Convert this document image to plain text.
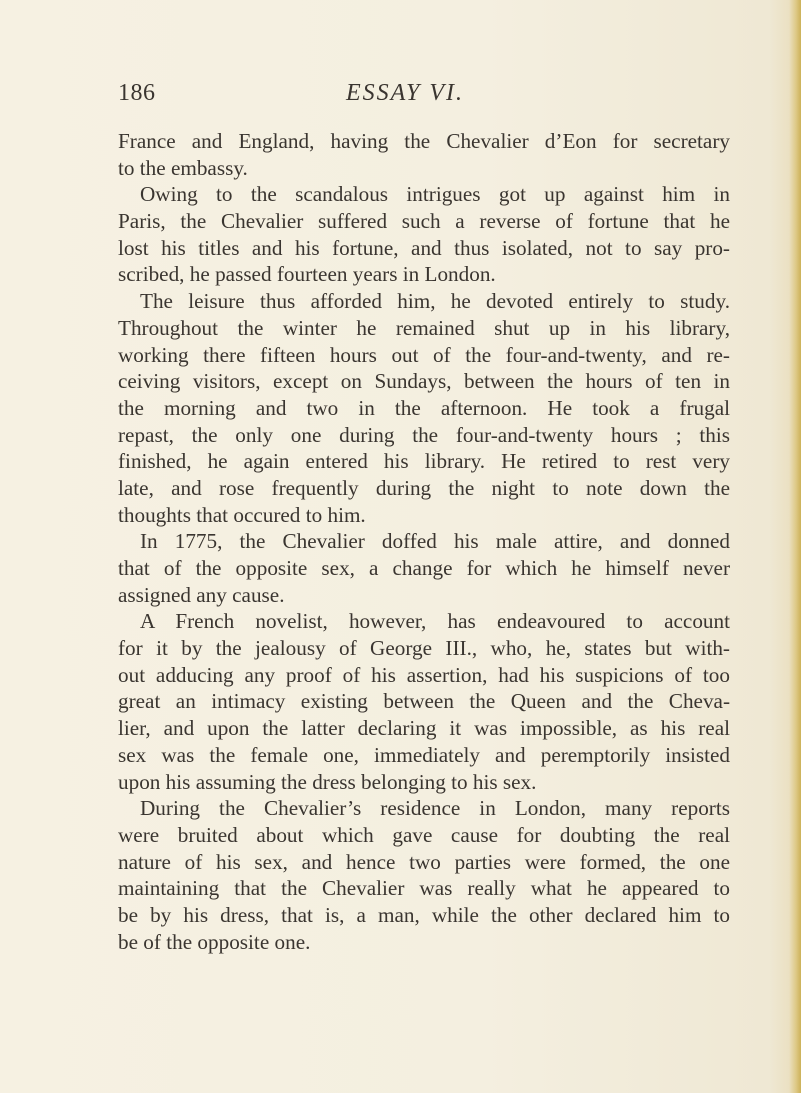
186	ESSAY VI.
France and England, having the Chevalier d’Eon for secretary
to the embassy.
Owing to the scandalous intrigues got up against him in
Paris, the Chevalier suffered such a reverse of fortune that he
lost his titles and his fortune, and thus isolated, not to say pro-
scribed, he passed fourteen years in London.
The leisure thus afforded him, he devoted entirely to study.
Throughout the winter he remained shut up in his library,
working there fifteen hours out of the four-and-twenty, and re-
ceiving visitors, except on Sundays, between the hours of ten in
the morning and two in the afternoon. He took a frugal
repast, the only one during the four-and-twenty hours ; this
finished, he again entered his library. He retired to rest very
late, and rose frequently during the night to note down the
thoughts that occured to him.
In 1775, the Chevalier doffed his male attire, and donned
that of the opposite sex, a change for which he himself never
assigned any cause.
A French novelist, however, has endeavoured to account
for it by the jealousy of George III., who, he, states but with-
out adducing any proof of his assertion, had his suspicions of too
great an intimacy existing between the Queen and the Cheva-
lier, and upon the latter declaring it was impossible, as his real
sex was the female one, immediately and peremptorily insisted
upon his assuming the dress belonging to his sex.
During the Chevalier’s residence in London, many reports
were bruited about which gave cause for doubting the real
nature of his sex, and hence two parties were formed, the one
maintaining that the Chevalier was really what he appeared to
be by his dress, that is, a man, while the other declared him to
be of the opposite one.
